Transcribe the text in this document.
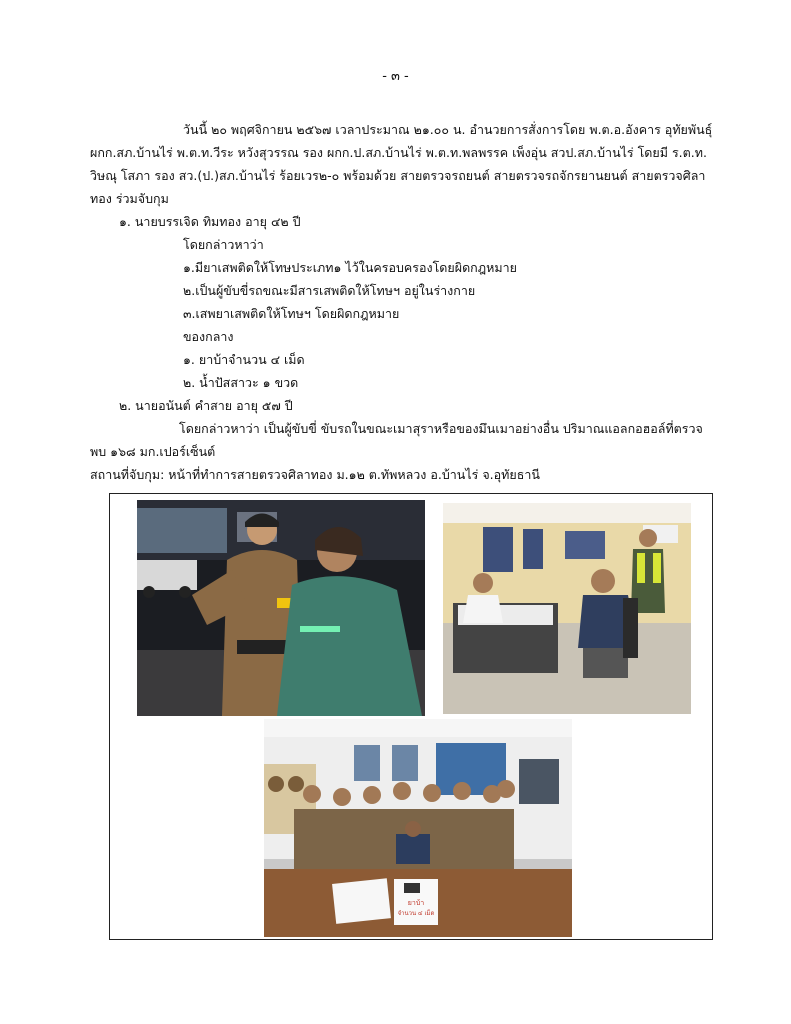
- ๓ -
วันนี้ ๒๐ พฤศจิกายน ๒๕๖๗ เวลาประมาณ ๒๑.๐๐ น. อำนวยการสั่งการโดย พ.ต.อ.อังคาร อุทัยพันธุ์
ผกก.สภ.บ้านไร่ พ.ต.ท.วีระ หวังสุวรรณ รอง ผกก.ป.สภ.บ้านไร่ พ.ต.ท.พลพรรค เพ็งอุ่น สวป.สภ.บ้านไร่ โดยมี ร.ต.ท.
วิษณุ โสภา รอง สว.(ป.)สภ.บ้านไร่ ร้อยเวร๒-๐ พร้อมด้วย สายตรวจรถยนต์ สายตรวจรถจักรยานยนต์ สายตรวจศิลา
ทอง ร่วมจับกุม
๑. นายบรรเจิด ทิมทอง อายุ ๔๒ ปี
โดยกล่าวหาว่า
๑.มียาเสพติดให้โทษประเภท๑ ไว้ในครอบครองโดยผิดกฎหมาย
๒.เป็นผู้ขับขี่รถขณะมีสารเสพติดให้โทษฯ อยู่ในร่างกาย
๓.เสพยาเสพติดให้โทษฯ โดยผิดกฎหมาย
ของกลาง
๑. ยาบ้าจำนวน ๔ เม็ด
๒. น้ำปัสสาวะ ๑ ขวด
๒. นายอนันต์ คำสาย อายุ ๕๗ ปี
โดยกล่าวหาว่า เป็นผู้ขับขี่ ขับรถในขณะเมาสุราหรือของมึนเมาอย่างอื่น ปริมาณแอลกอฮอล์ที่ตรวจ
พบ ๑๖๘ มก.เปอร์เซ็นต์
สถานที่จับกุม: หน้าที่ทำการสายตรวจศิลาทอง ม.๑๒ ต.ทัพหลวง อ.บ้านไร่ จ.อุทัยธานี
ยาบ้า
จำนวน ๔ เม็ด
